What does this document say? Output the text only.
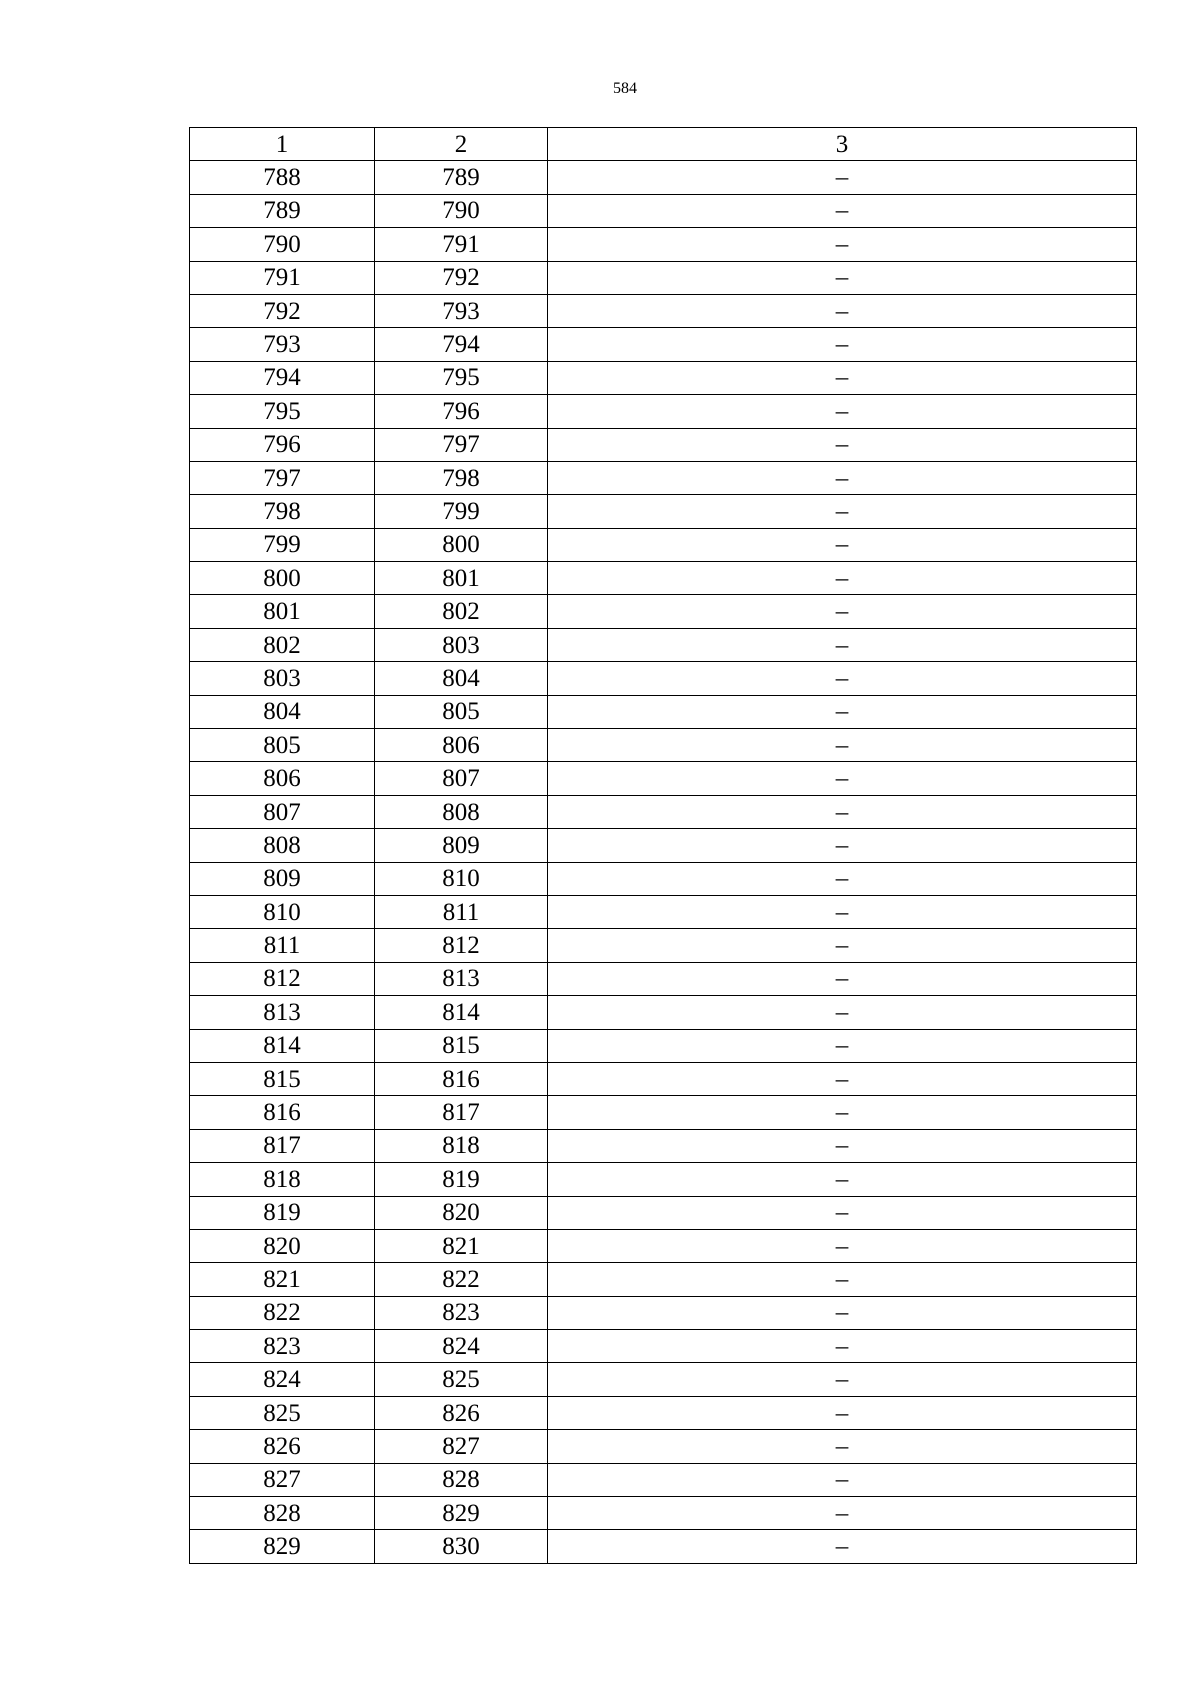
584
1	2	3
788	789	–
789	790	–
790	791	–
791	792	–
792	793	–
793	794	–
794	795	–
795	796	–
796	797	–
797	798	–
798	799	–
799	800	–
800	801	–
801	802	–
802	803	–
803	804	–
804	805	–
805	806	–
806	807	–
807	808	–
808	809	–
809	810	–
810	811	–
811	812	–
812	813	–
813	814	–
814	815	–
815	816	–
816	817	–
817	818	–
818	819	–
819	820	–
820	821	–
821	822	–
822	823	–
823	824	–
824	825	–
825	826	–
826	827	–
827	828	–
828	829	–
829	830	–
